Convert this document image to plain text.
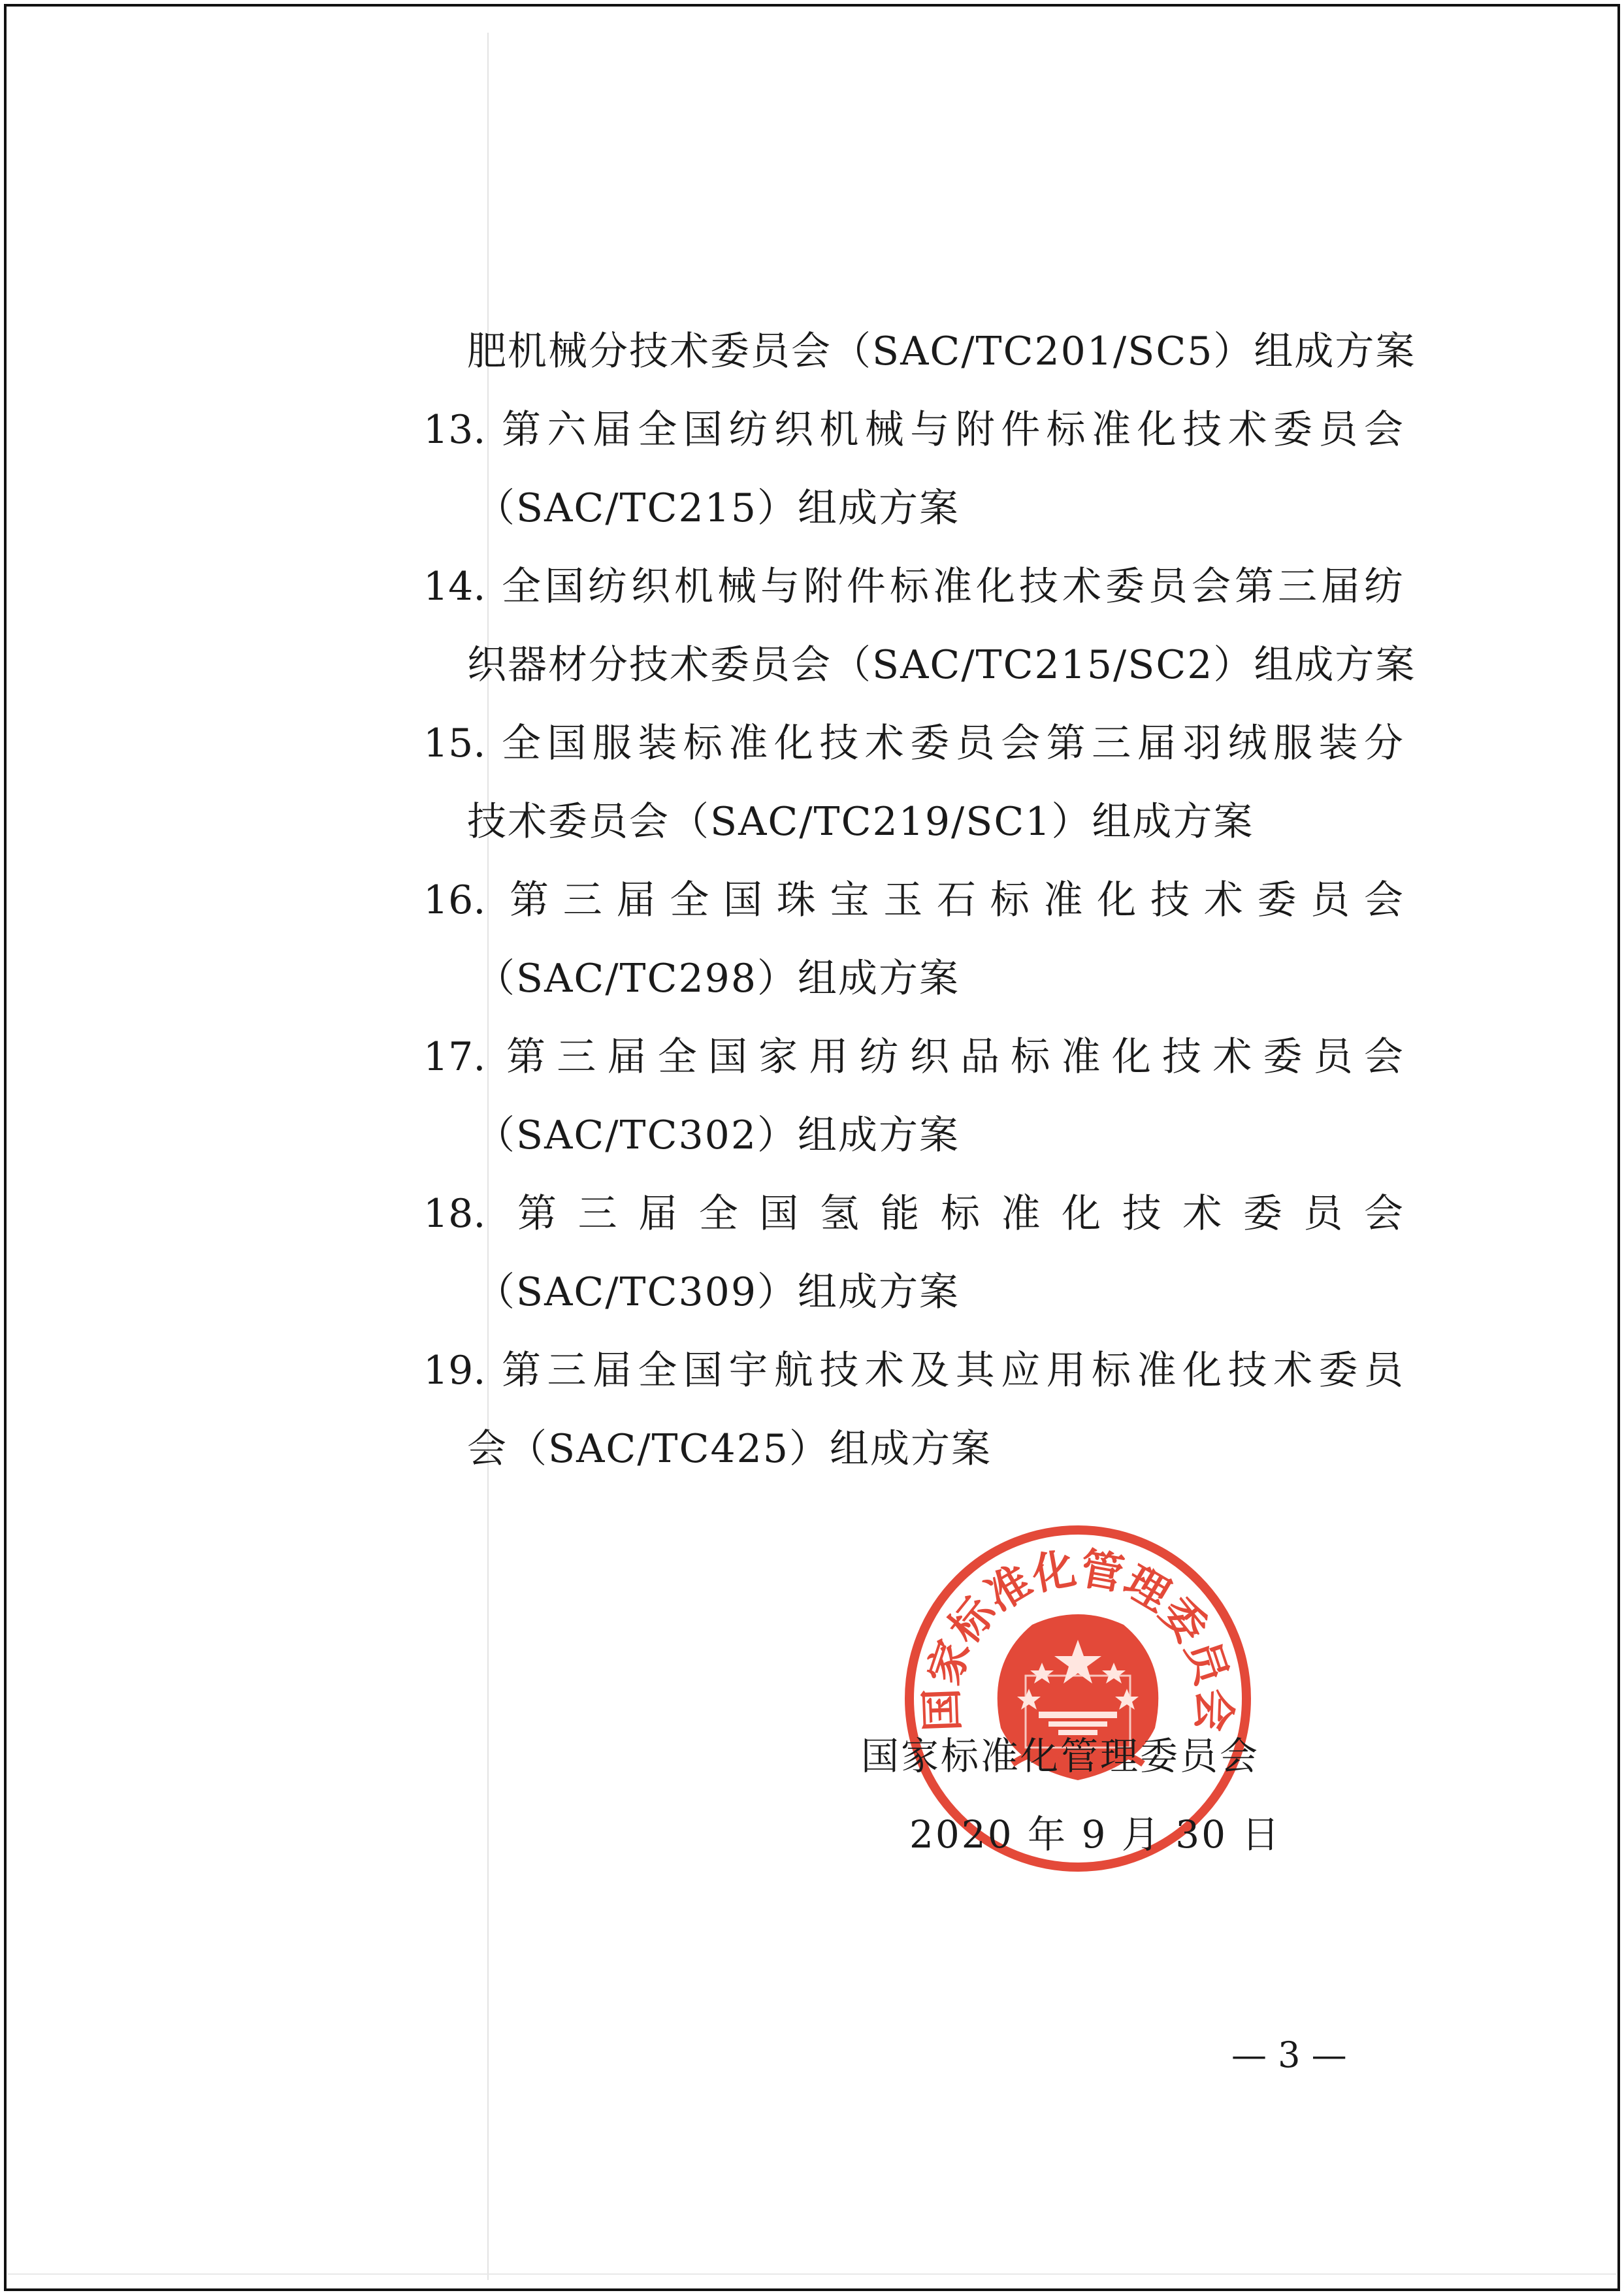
肥机械分技术委员会（SAC/TC201/SC5）组成方案
13. 第六届全国纺织机械与附件标准化技术委员会
（SAC/TC215）组成方案
14. 全国纺织机械与附件标准化技术委员会第三届纺
织器材分技术委员会（SAC/TC215/SC2）组成方案
15. 全国服装标准化技术委员会第三届羽绒服装分
技术委员会（SAC/TC219/SC1）组成方案
16. 第三届全国珠宝玉石标准化技术委员会
（SAC/TC298）组成方案
17. 第三届全国家用纺织品标准化技术委员会
（SAC/TC302）组成方案
18. 第三届全国氢能标准化技术委员会
（SAC/TC309）组成方案
19. 第三届全国宇航技术及其应用标准化技术委员
会（SAC/TC425）组成方案
国家标准化管理委员会
国家标准化管理委员会
2020 年 9 月 30 日
— 3 —
